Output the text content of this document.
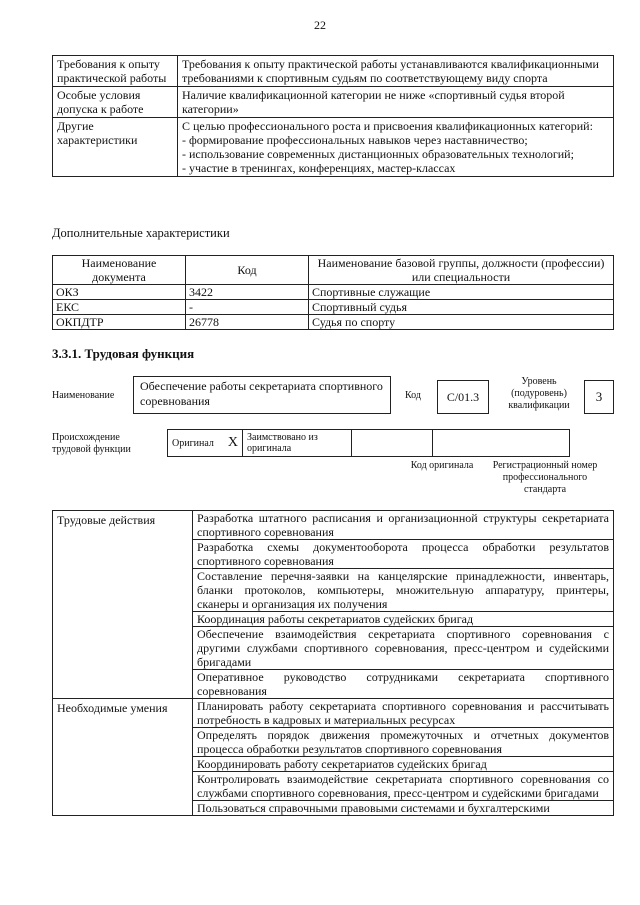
22
Требования к опыту практической работы	Требования к опыту практической работы устанавливаются квалификационными требованиями к спортивным судьям по соответствующему виду спорта
Особые условия допуска к работе	Наличие квалификационной категории не ниже «спортивный судья второй категории»
Другие характеристики	С целью профессионального роста и присвоения квалификационных категорий:
- формирование профессиональных навыков через наставничество;
- использование современных дистанционных образовательных технологий;
- участие в тренингах, конференциях, мастер-классах
Дополнительные характеристики
Наименование документа	Код	Наименование базовой группы, должности (профессии) или специальности
ОКЗ	3422	Спортивные служащие
ЕКС	-	Спортивный судья
ОКПДТР	26778	Судья по спорту
3.3.1. Трудовая функция
Наименование
Обеспечение работы секретариата спортивного соревнования	Код	C/01.3
Уровень (подуровень) квалификации
3
Происхождение трудовой функции
Оригинал X	Заимствовано из оригинала		
Код оригинала	Регистрационный номер профессионального стандарта
Трудовые действия	Разработка штатного расписания и организационной структуры секретариата спортивного соревнования
	Разработка схемы документооборота процесса обработки результатов спортивного соревнования
	Составление перечня-заявки на канцелярские принадлежности, инвентарь, бланки протоколов, компьютеры, множительную аппаратуру, принтеры, сканеры и организация их получения
	Координация работы секретариатов судейских бригад
	Обеспечение взаимодействия секретариата спортивного соревнования с другими службами спортивного соревнования, пресс-центром и судейскими бригадами
	Оперативное руководство сотрудниками секретариата спортивного соревнования
Необходимые умения	Планировать работу секретариата спортивного соревнования и рассчитывать потребность в кадровых и материальных ресурсах
	Определять порядок движения промежуточных и отчетных документов процесса обработки результатов спортивного соревнования
	Координировать работу секретариатов судейских бригад
	Контролировать взаимодействие секретариата спортивного соревнования со службами спортивного соревнования, пресс-центром и судейскими бригадами
	Пользоваться справочными правовыми системами и бухгалтерскими
